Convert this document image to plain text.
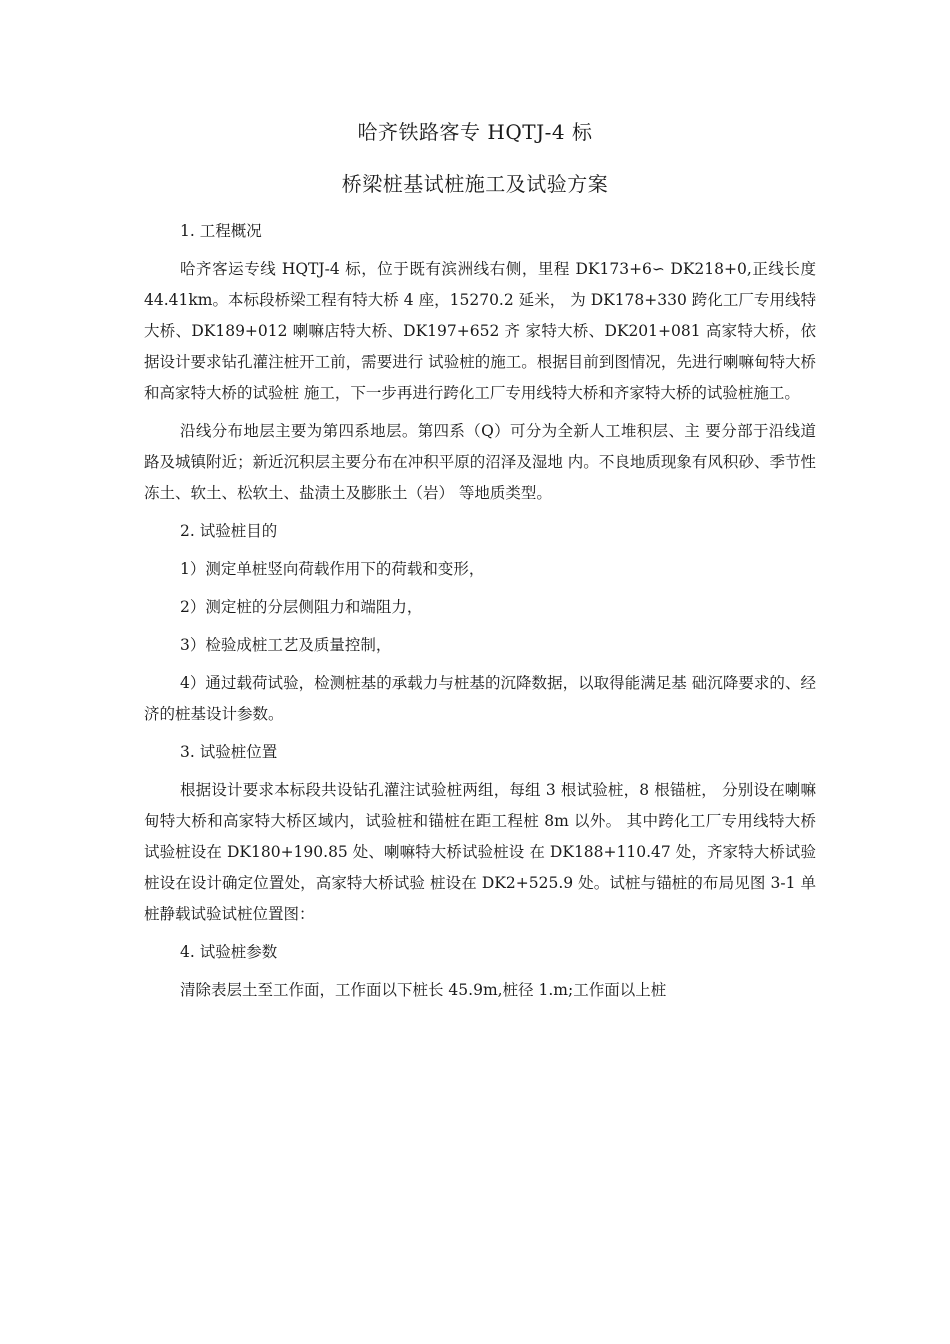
哈齐铁路客专 HQTJ-4 标
桥梁桩基试桩施工及试验方案

1. 工程概况

哈齐客运专线 HQTJ-4 标，位于既有滨洲线右侧，里程 DK173+6∽ DK218+0,正线长度 44.41km。本标段桥梁工程有特大桥 4 座，15270.2 延米， 为 DK178+330 跨化工厂专用线特大桥、DK189+012 喇嘛店特大桥、DK197+652 齐 家特大桥、DK201+081 高家特大桥，依据设计要求钻孔灌注桩开工前，需要进行 试验桩的施工。根据目前到图情况，先进行喇嘛甸特大桥和高家特大桥的试验桩 施工，下一步再进行跨化工厂专用线特大桥和齐家特大桥的试验桩施工。

沿线分布地层主要为第四系地层。第四系（Q）可分为全新人工堆积层、主 要分部于沿线道路及城镇附近；新近沉积层主要分布在冲积平原的沼泽及湿地 内。不良地质现象有风积砂、季节性冻土、软土、松软土、盐渍土及膨胀土（岩） 等地质类型。

2. 试验桩目的

1）测定单桩竖向荷载作用下的荷载和变形，

2）测定桩的分层侧阻力和端阻力，

3）检验成桩工艺及质量控制，

4）通过载荷试验，检测桩基的承载力与桩基的沉降数据，以取得能满足基 础沉降要求的、经济的桩基设计参数。

3. 试验桩位置

根据设计要求本标段共设钻孔灌注试验桩两组，每组 3 根试验桩，8 根锚桩， 分别设在喇嘛甸特大桥和高家特大桥区域内，试验桩和锚桩在距工程桩 8m 以外。 其中跨化工厂专用线特大桥试验桩设在 DK180+190.85 处、喇嘛特大桥试验桩设 在 DK188+110.47 处，齐家特大桥试验桩设在设计确定位置处，高家特大桥试验 桩设在 DK2+525.9 处。试桩与锚桩的布局见图 3-1 单桩静载试验试桩位置图：

4. 试验桩参数

清除表层土至工作面，工作面以下桩长 45.9m,桩径 1.m;工作面以上桩
